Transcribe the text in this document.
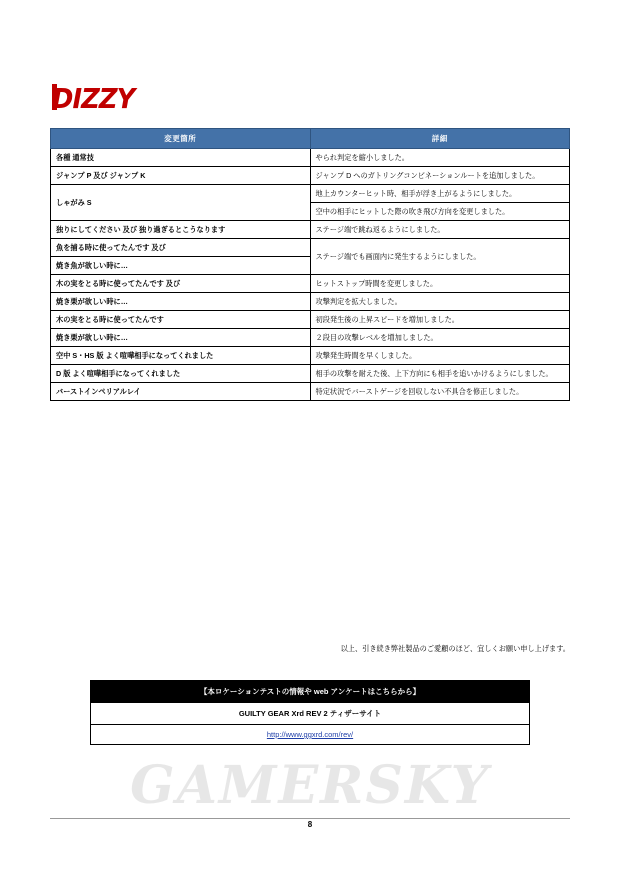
DIZZY
変更箇所	詳細
各種 通常技	やられ判定を縮小しました。
ジャンプ P 及び ジャンプ K	ジャンプ D へのガトリングコンビネーションルートを追加しました。
しゃがみ S	地上カウンターヒット時、相手が浮き上がるようにしました。
	空中の相手にヒットした際の吹き飛び方向を変更しました。
独りにしてください 及び 独り過ぎるとこうなります	ステージ端で跳ね返るようにしました。
魚を捕る時に使ってたんです 及び	ステージ端でも画面内に発生するようにしました。
焼き魚が欲しい時に…	
木の実をとる時に使ってたんです 及び	ヒットストップ時間を変更しました。
焼き栗が欲しい時に…	攻撃判定を拡大しました。
木の実をとる時に使ってたんです	初段発生後の上昇スピードを増加しました。
焼き栗が欲しい時に…	２段目の攻撃レベルを増加しました。
空中 S・HS 版 よく喧嘩相手になってくれました	攻撃発生時間を早くしました。
D 版 よく喧嘩相手になってくれました	相手の攻撃を耐えた後、上下方向にも相手を追いかけるようにしました。
バーストインペリアルレイ	特定状況でバーストゲージを回収しない不具合を修正しました。
以上、引き続き弊社製品のご愛顧のほど、宜しくお願い申し上げます。
【本ロケーションテストの情報や web アンケートはこちらから】
GUILTY GEAR Xrd REV 2 ティザーサイト
http://www.ggxrd.com/rev/
GAMERSKY
8
